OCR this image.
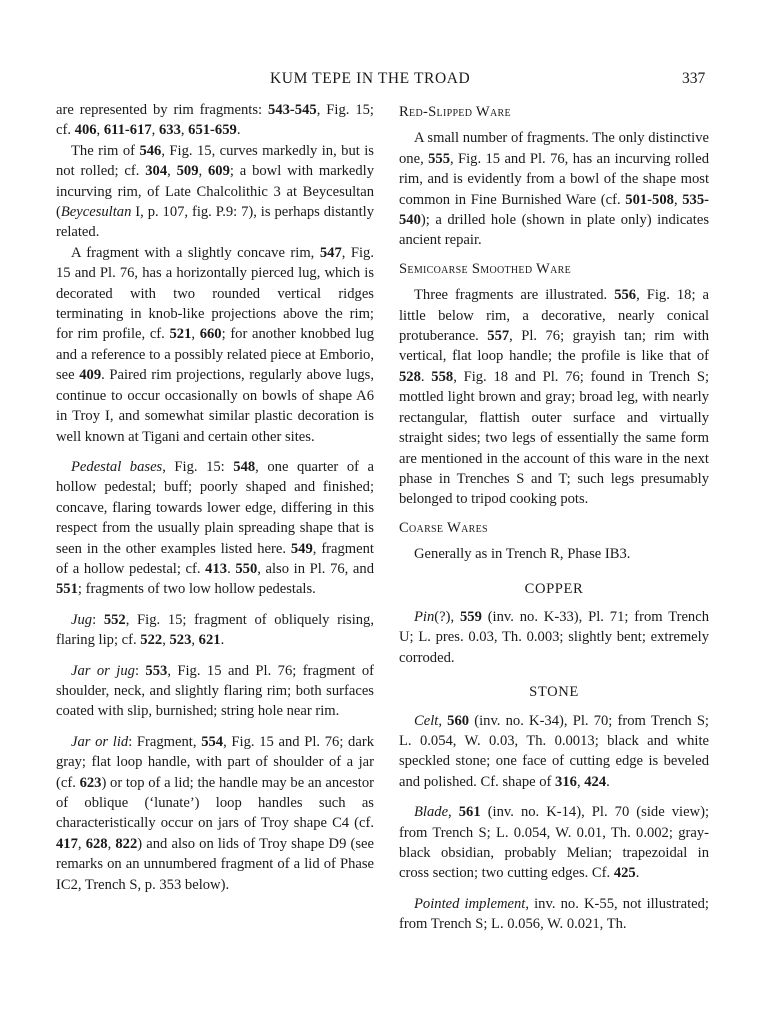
KUM TEPE IN THE TROAD	337

are represented by rim fragments: 543-545, Fig. 15; cf. 406, 611-617, 633, 651-659.

The rim of 546, Fig. 15, curves markedly in, but is not rolled; cf. 304, 509, 609; a bowl with markedly incurving rim, of Late Chalcolithic 3 at Beycesultan (Beycesultan I, p. 107, fig. P.9: 7), is perhaps distantly related.

A fragment with a slightly concave rim, 547, Fig. 15 and Pl. 76, has a horizontally pierced lug, which is decorated with two rounded vertical ridges terminating in knob-like projections above the rim; for rim profile, cf. 521, 660; for another knobbed lug and a reference to a possibly related piece at Emborio, see 409. Paired rim projections, regularly above lugs, continue to occur occasionally on bowls of shape A6 in Troy I, and somewhat similar plastic decoration is well known at Tigani and certain other sites.

Pedestal bases, Fig. 15: 548, one quarter of a hollow pedestal; buff; poorly shaped and finished; concave, flaring towards lower edge, differing in this respect from the usually plain spreading shape that is seen in the other examples listed here. 549, fragment of a hollow pedestal; cf. 413. 550, also in Pl. 76, and 551; fragments of two low hollow pedestals.

Jug: 552, Fig. 15; fragment of obliquely rising, flaring lip; cf. 522, 523, 621.

Jar or jug: 553, Fig. 15 and Pl. 76; fragment of shoulder, neck, and slightly flaring rim; both surfaces coated with slip, burnished; string hole near rim.

Jar or lid: Fragment, 554, Fig. 15 and Pl. 76; dark gray; flat loop handle, with part of shoulder of a jar (cf. 623) or top of a lid; the handle may be an ancestor of oblique (‘lunate’) loop handles such as characteristically occur on jars of Troy shape C4 (cf. 417, 628, 822) and also on lids of Troy shape D9 (see remarks on an unnumbered fragment of a lid of Phase IC2, Trench S, p. 353 below).

Red-Slipped Ware

A small number of fragments. The only distinctive one, 555, Fig. 15 and Pl. 76, has an incurving rolled rim, and is evidently from a bowl of the shape most common in Fine Burnished Ware (cf. 501-508, 535-540); a drilled hole (shown in plate only) indicates ancient repair.

Semicoarse Smoothed Ware

Three fragments are illustrated. 556, Fig. 18; a little below rim, a decorative, nearly conical protuberance. 557, Pl. 76; grayish tan; rim with vertical, flat loop handle; the profile is like that of 528. 558, Fig. 18 and Pl. 76; found in Trench S; mottled light brown and gray; broad leg, with nearly rectangular, flattish outer surface and virtually straight sides; two legs of essentially the same form are mentioned in the account of this ware in the next phase in Trenches S and T; such legs presumably belonged to tripod cooking pots.

Coarse Wares

Generally as in Trench R, Phase IB3.

COPPER

Pin(?), 559 (inv. no. K-33), Pl. 71; from Trench U; L. pres. 0.03, Th. 0.003; slightly bent; extremely corroded.

STONE

Celt, 560 (inv. no. K-34), Pl. 70; from Trench S; L. 0.054, W. 0.03, Th. 0.0013; black and white speckled stone; one face of cutting edge is beveled and polished. Cf. shape of 316, 424.

Blade, 561 (inv. no. K-14), Pl. 70 (side view); from Trench S; L. 0.054, W. 0.01, Th. 0.002; gray-black obsidian, probably Melian; trapezoidal in cross section; two cutting edges. Cf. 425.

Pointed implement, inv. no. K-55, not illustrated; from Trench S; L. 0.056, W. 0.021, Th.
